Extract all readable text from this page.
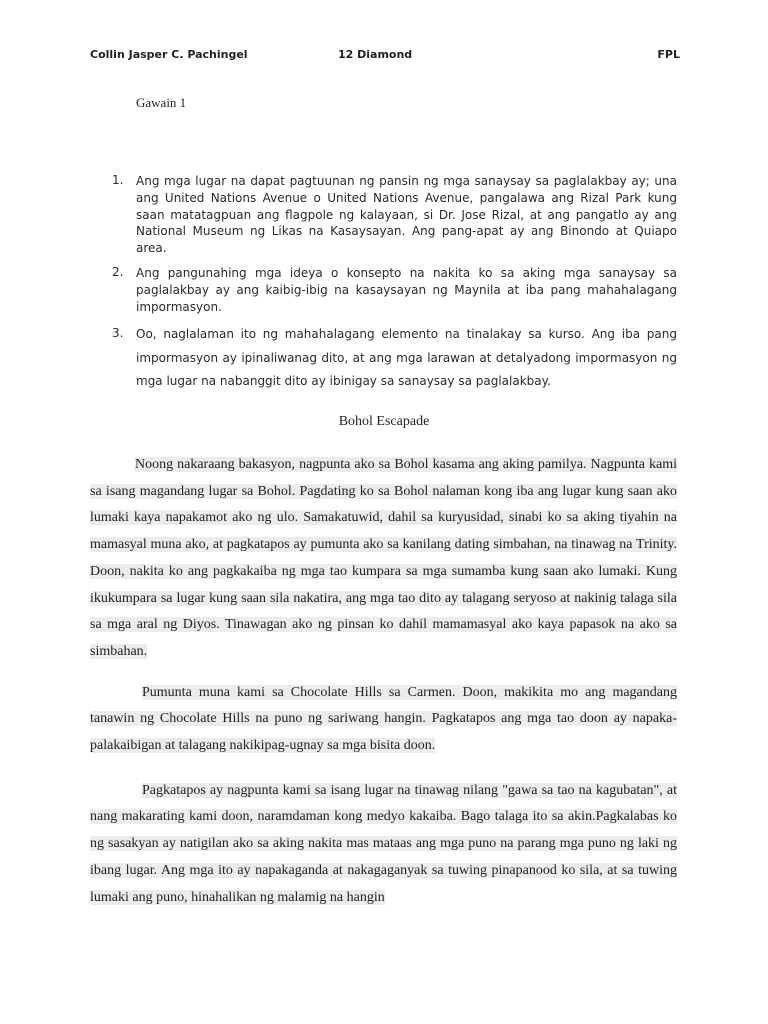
Collin Jasper C. Pachingel	12 Diamond	FPL
Gawain 1
1. Ang mga lugar na dapat pagtuunan ng pansin ng mga sanaysay sa paglalakbay ay; una ang United Nations Avenue o United Nations Avenue, pangalawa ang Rizal Park kung saan matatagpuan ang flagpole ng kalayaan, si Dr. Jose Rizal, at ang pangatlo ay ang National Museum ng Likas na Kasaysayan. Ang pang-apat ay ang Binondo at Quiapo area.
2. Ang pangunahing mga ideya o konsepto na nakita ko sa aking mga sanaysay sa paglalakbay ay ang kaibig-ibig na kasaysayan ng Maynila at iba pang mahahalagang impormasyon.
3. Oo, naglalaman ito ng mahahalagang elemento na tinalakay sa kurso. Ang iba pang impormasyon ay ipinaliwanag dito, at ang mga larawan at detalyadong impormasyon ng mga lugar na nabanggit dito ay ibinigay sa sanaysay sa paglalakbay.
Bohol Escapade

Noong nakaraang bakasyon, nagpunta ako sa Bohol kasama ang aking pamilya. Nagpunta kami sa isang magandang lugar sa Bohol. Pagdating ko sa Bohol nalaman kong iba ang lugar kung saan ako lumaki kaya napakamot ako ng ulo. Samakatuwid, dahil sa kuryusidad, sinabi ko sa aking tiyahin na mamasyal muna ako, at pagkatapos ay pumunta ako sa kanilang dating simbahan, na tinawag na Trinity. Doon, nakita ko ang pagkakaiba ng mga tao kumpara sa mga sumamba kung saan ako lumaki. Kung ikukumpara sa lugar kung saan sila nakatira, ang mga tao dito ay talagang seryoso at nakinig talaga sila sa mga aral ng Diyos. Tinawagan ako ng pinsan ko dahil mamamasyal ako kaya papasok na ako sa simbahan.

Pumunta muna kami sa Chocolate Hills sa Carmen. Doon, makikita mo ang magandang tanawin ng Chocolate Hills na puno ng sariwang hangin. Pagkatapos ang mga tao doon ay napaka-palakaibigan at talagang nakikipag-ugnay sa mga bisita doon.

Pagkatapos ay nagpunta kami sa isang lugar na tinawag nilang "gawa sa tao na kagubatan", at nang makarating kami doon, naramdaman kong medyo kakaiba. Bago talaga ito sa akin.Pagkalabas ko ng sasakyan ay natigilan ako sa aking nakita mas mataas ang mga puno na parang mga puno ng laki ng ibang lugar. Ang mga ito ay napakaganda at nakagaganyak sa tuwing pinapanood ko sila, at sa tuwing lumaki ang puno, hinahalikan ng malamig na hangin
